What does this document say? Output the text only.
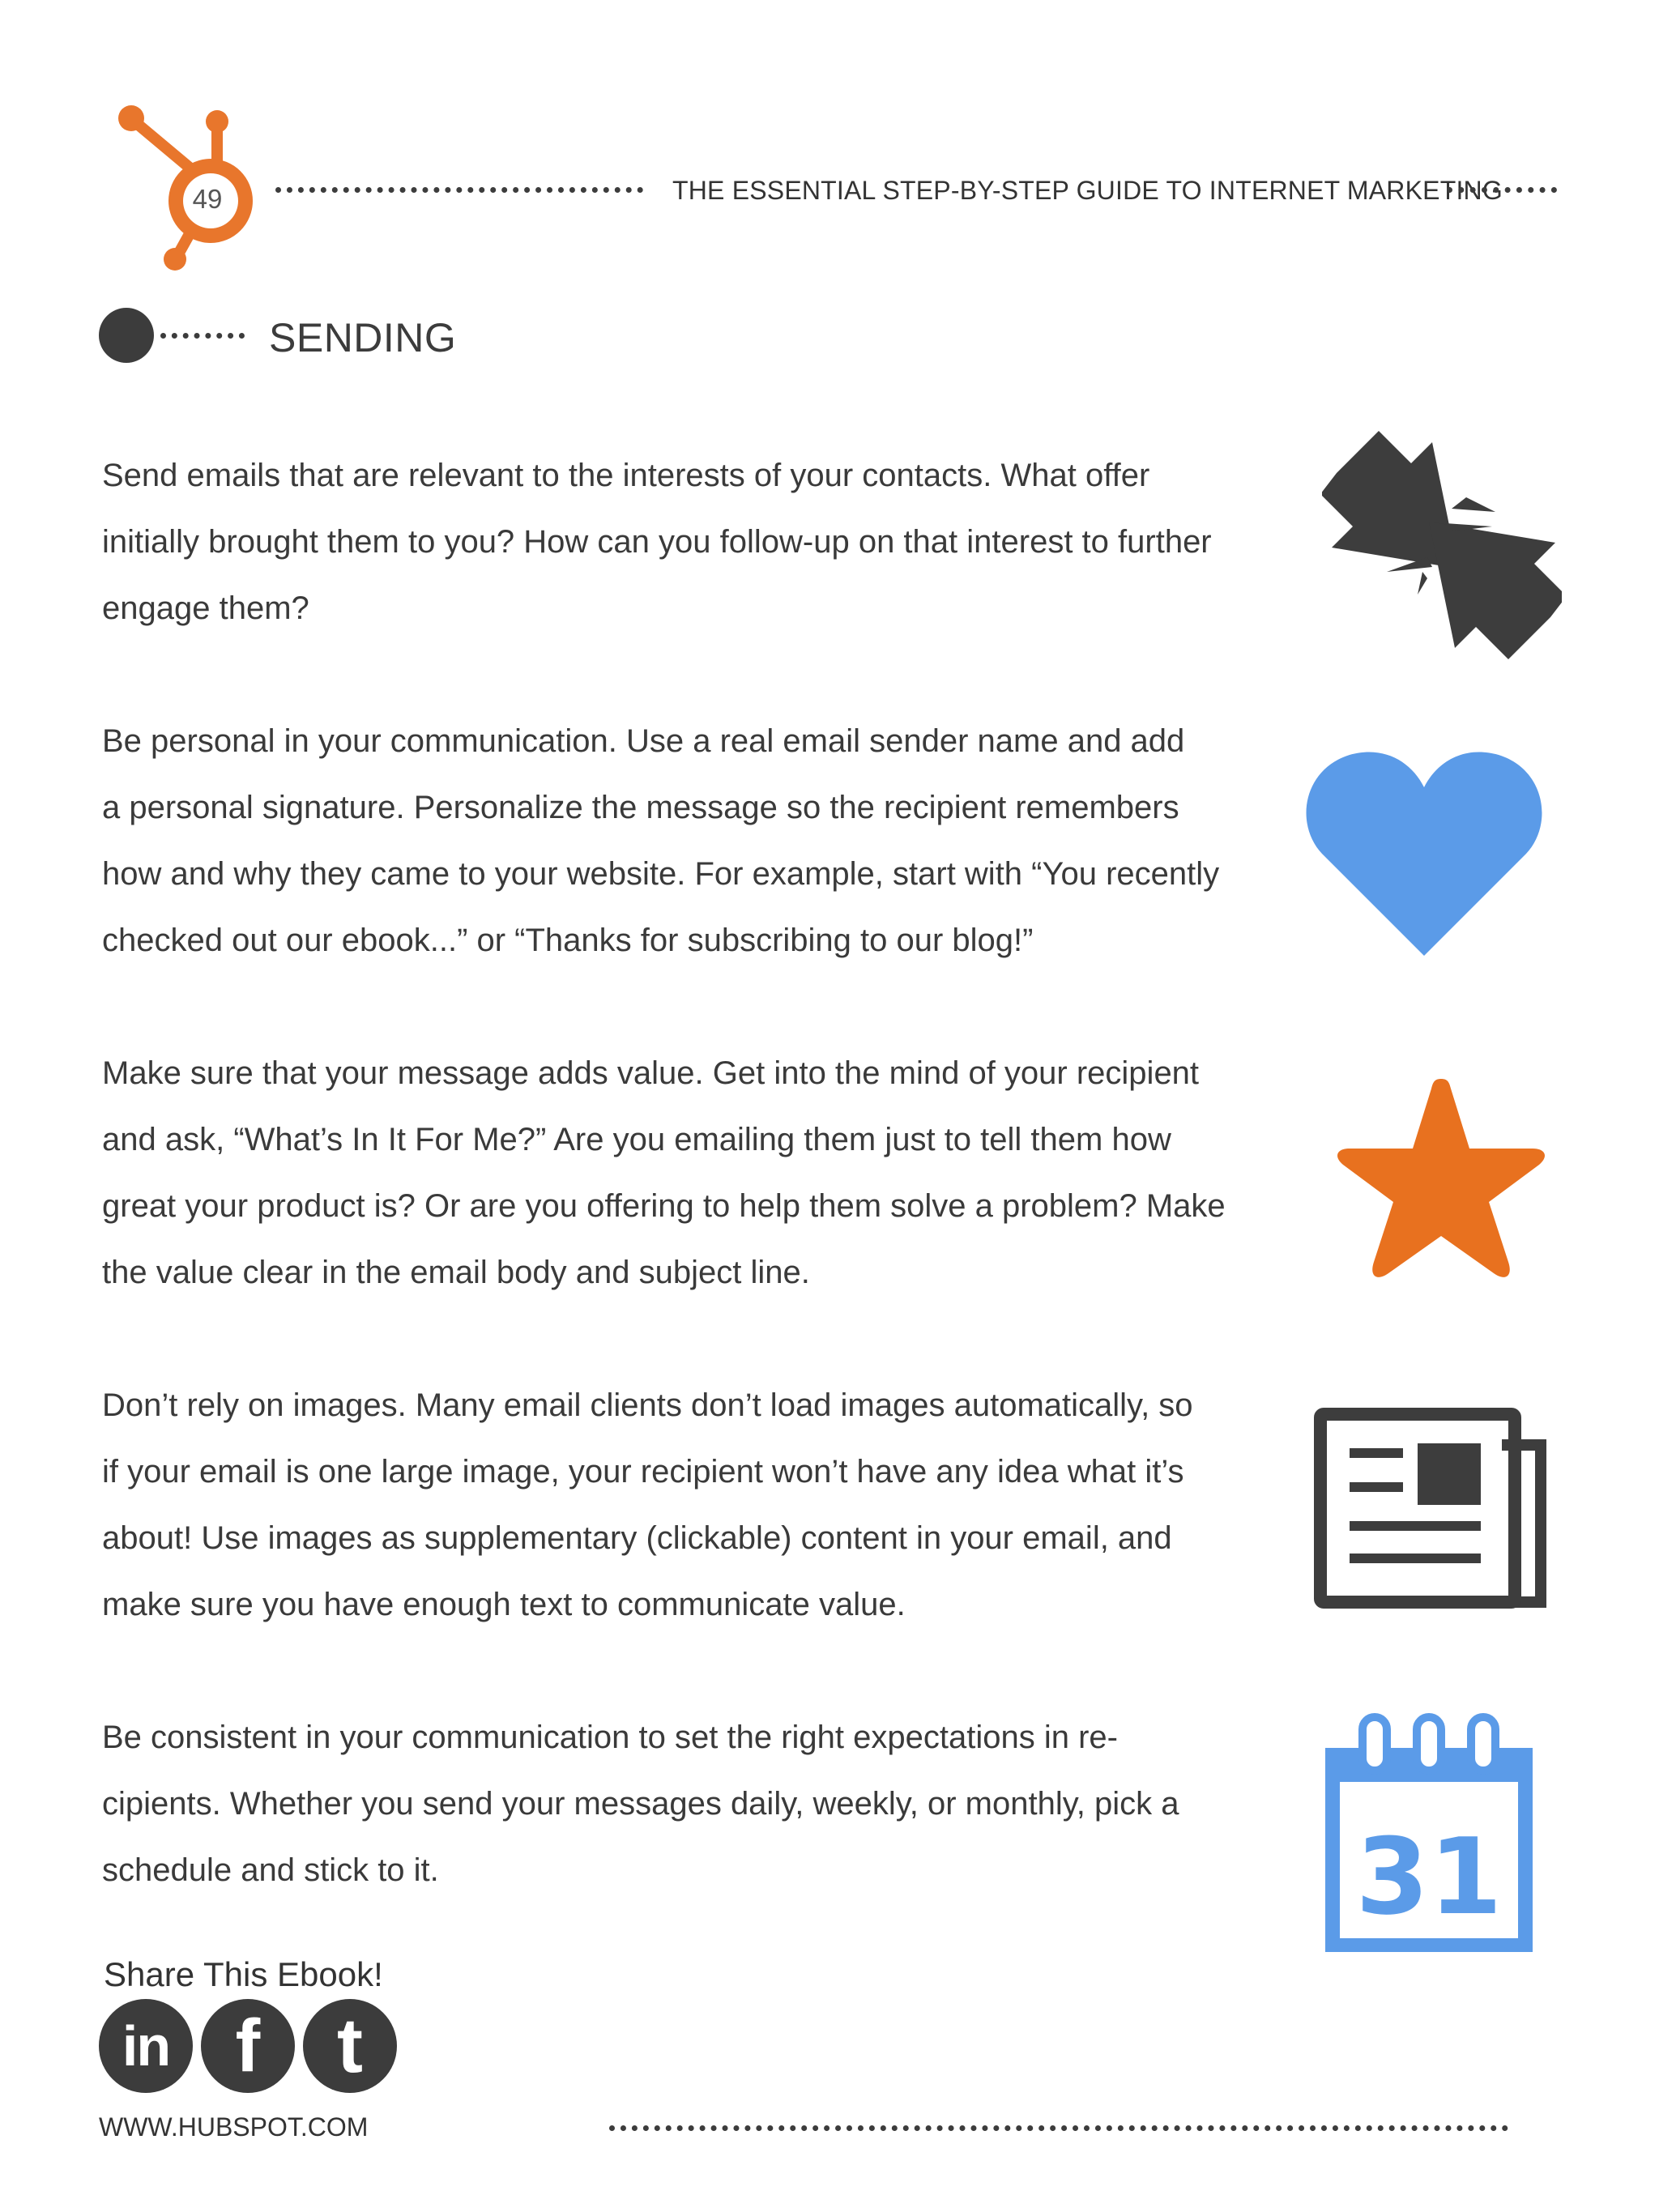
49	THE ESSENTIAL STEP-BY-STEP GUIDE TO INTERNET MARKETING
SENDING
Send emails that are relevant to the interests of your contacts. What offer
initially brought them to you? How can you follow-up on that interest to further
engage them?
Be personal in your communication. Use a real email sender name and add
a personal signature. Personalize the message so the recipient remembers
how and why they came to your website. For example, start with “You recently
checked out our ebook...” or “Thanks for subscribing to our blog!”
Make sure that your message adds value. Get into the mind of your recipient
and ask, “What’s In It For Me?” Are you emailing them just to tell them how
great your product is? Or are you offering to help them solve a problem? Make
the value clear in the email body and subject line.
Don’t rely on images. Many email clients don’t load images automatically, so
if your email is one large image, your recipient won’t have any idea what it’s
about! Use images as supplementary (clickable) content in your email, and
make sure you have enough text to communicate value.
Be consistent in your communication to set the right expectations in re-
cipients. Whether you send your messages daily, weekly, or monthly, pick a
schedule and stick to it.	31
Share This Ebook!
in f t
WWW.HUBSPOT.COM
